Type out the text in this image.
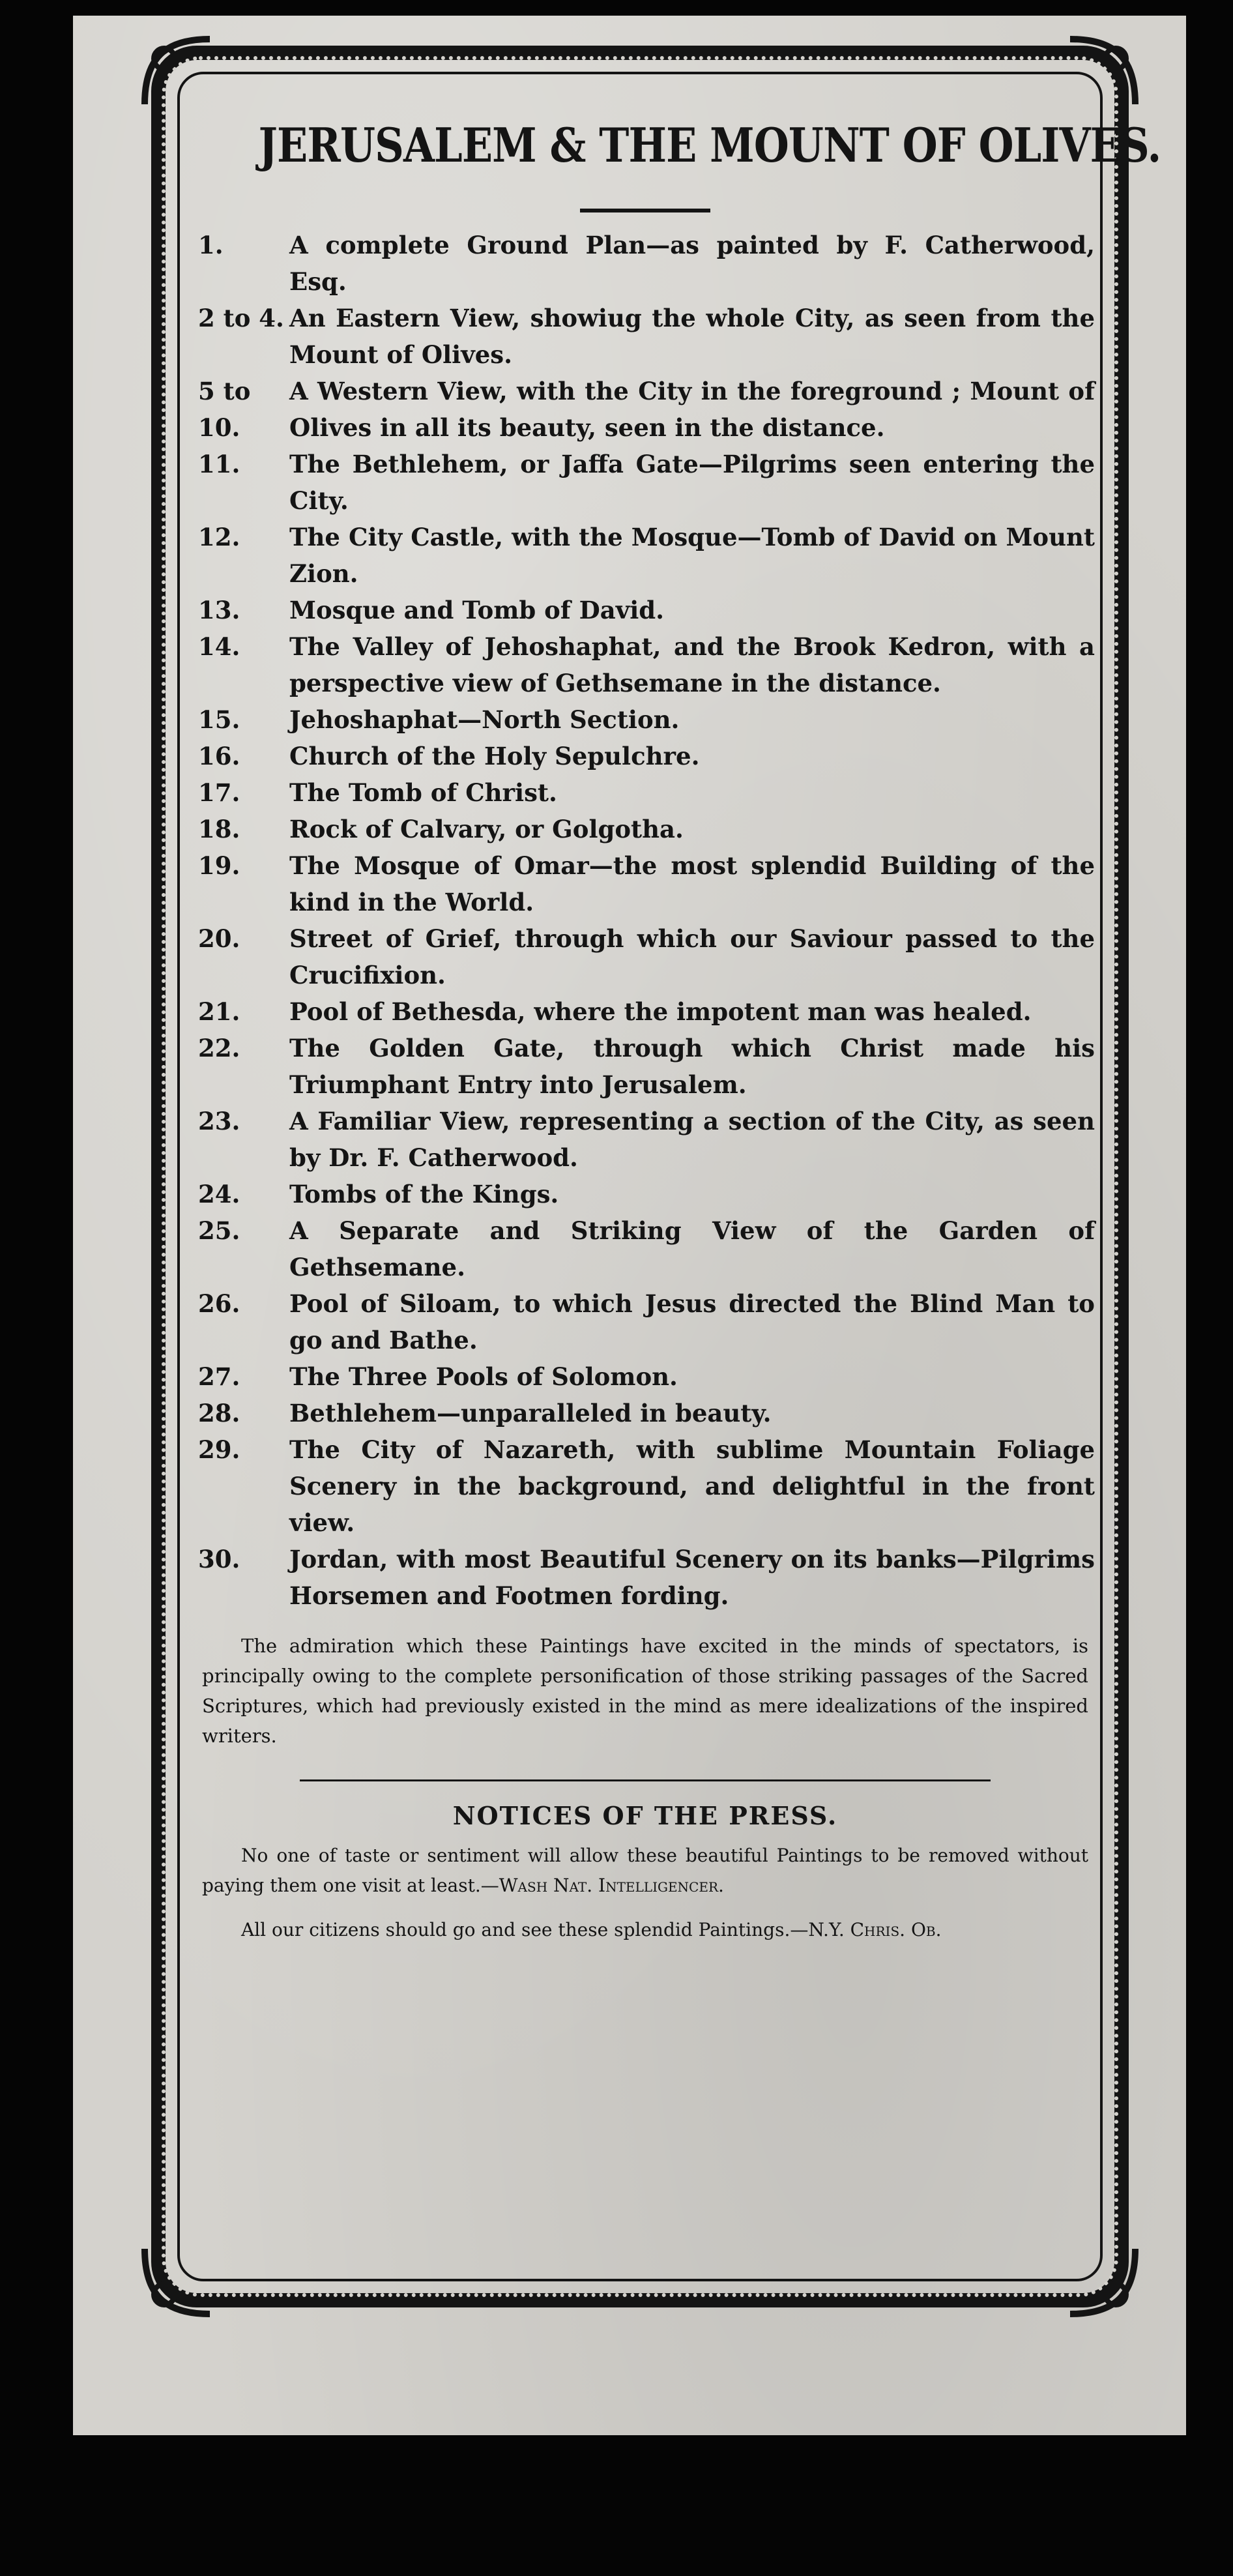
JERUSALEM & THE MOUNT OF OLIVES.
1.	A complete Ground Plan—as painted by F. Catherwood, Esq.
2 to 4. An Eastern View, showiug the whole City, as seen from the Mount of Olives.
5 to 10.
A Western View, with the City in the foreground ; Mount of Olives in all its beauty, seen in the distance.
11.	The Bethlehem, or Jaffa Gate—Pilgrims seen entering the City.
12.	The City Castle, with the Mosque—Tomb of David on Mount Zion.
13.	Mosque and Tomb of David.
14.	The Valley of Jehoshaphat, and the Brook Kedron, with a perspective view of Gethsemane in the distance.
15.	Jehoshaphat—North Section.
16.	Church of the Holy Sepulchre.
17.	The Tomb of Christ.
18.	Rock of Calvary, or Golgotha.
19.	The Mosque of Omar—the most splendid Building of the kind in the World.
20.	Street of Grief, through which our Saviour passed to the Crucifixion.
21.	Pool of Bethesda, where the impotent man was healed.
22.	The Golden Gate, through which Christ made his Triumphant Entry into Jerusalem.
23.	A Familiar View, representing a section of the City, as seen by Dr. F. Catherwood.
24.	Tombs of the Kings.
25.	A Separate and Striking View of the Garden of Gethsemane.
26.	Pool of Siloam, to which Jesus directed the Blind Man to go and Bathe.
27.	The Three Pools of Solomon.
28.	Bethlehem—unparalleled in beauty.
29.	The City of Nazareth, with sublime Mountain Foliage Scenery in the background, and delightful in the front view.
30.	Jordan, with most Beautiful Scenery on its banks—Pilgrims Horsemen and Footmen fording.

The admiration which these Paintings have excited in the minds of spectators, is principally owing to the complete personification of those striking passages of the Sacred Scriptures, which had previously existed in the mind as mere idealizations of the inspired writers.

NOTICES OF THE PRESS.

No one of taste or sentiment will allow these beautiful Paintings to be removed without paying them one visit at least.—Wash Nat. Intelligencer.

All our citizens should go and see these splendid Paintings.—N.Y. Chris. Ob.
